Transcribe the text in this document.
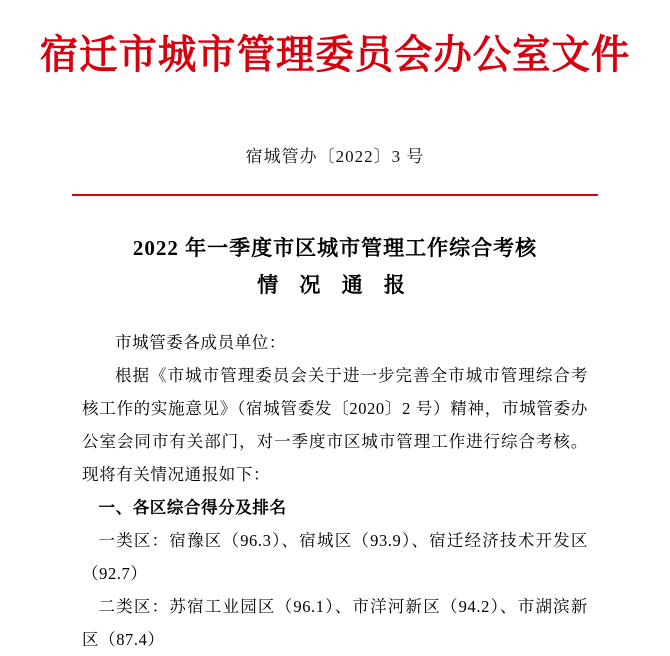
宿迁市城市管理委员会办公室文件
宿城管办〔2022〕3 号
2022 年一季度市区城市管理工作综合考核
情 况 通 报

市城管委各成员单位：

根据《市城市管理委员会关于进一步完善全市城市管理综合考核工作的实施意见》（宿城管委发〔2020〕2 号）精神，市城管委办公室会同市有关部门，对一季度市区城市管理工作进行综合考核。现将有关情况通报如下：

一、各区综合得分及排名

一类区：宿豫区（96.3）、宿城区（93.9）、宿迁经济技术开发区（92.7）

二类区：苏宿工业园区（96.1）、市洋河新区（94.2）、市湖滨新区（87.4）
